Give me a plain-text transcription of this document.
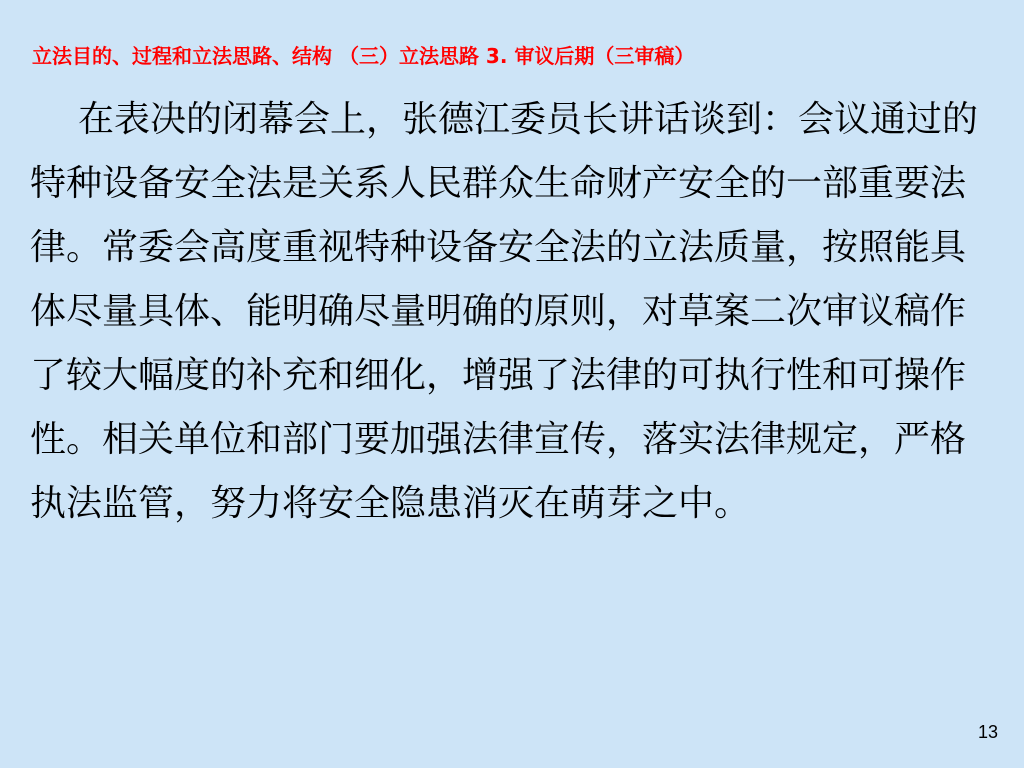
立法目的、过程和立法思路、结构 （三）立法思路 3. 审议后期（三审稿）

在表决的闭幕会上，张德江委员长讲话谈到：会议通过的特种设备安全法是关系人民群众生命财产安全的一部重要法律。常委会高度重视特种设备安全法的立法质量，按照能具体尽量具体、能明确尽量明确的原则，对草案二次审议稿作了较大幅度的补充和细化，增强了法律的可执行性和可操作性。相关单位和部门要加强法律宣传，落实法律规定，严格执法监管，努力将安全隐患消灭在萌芽之中。

13
